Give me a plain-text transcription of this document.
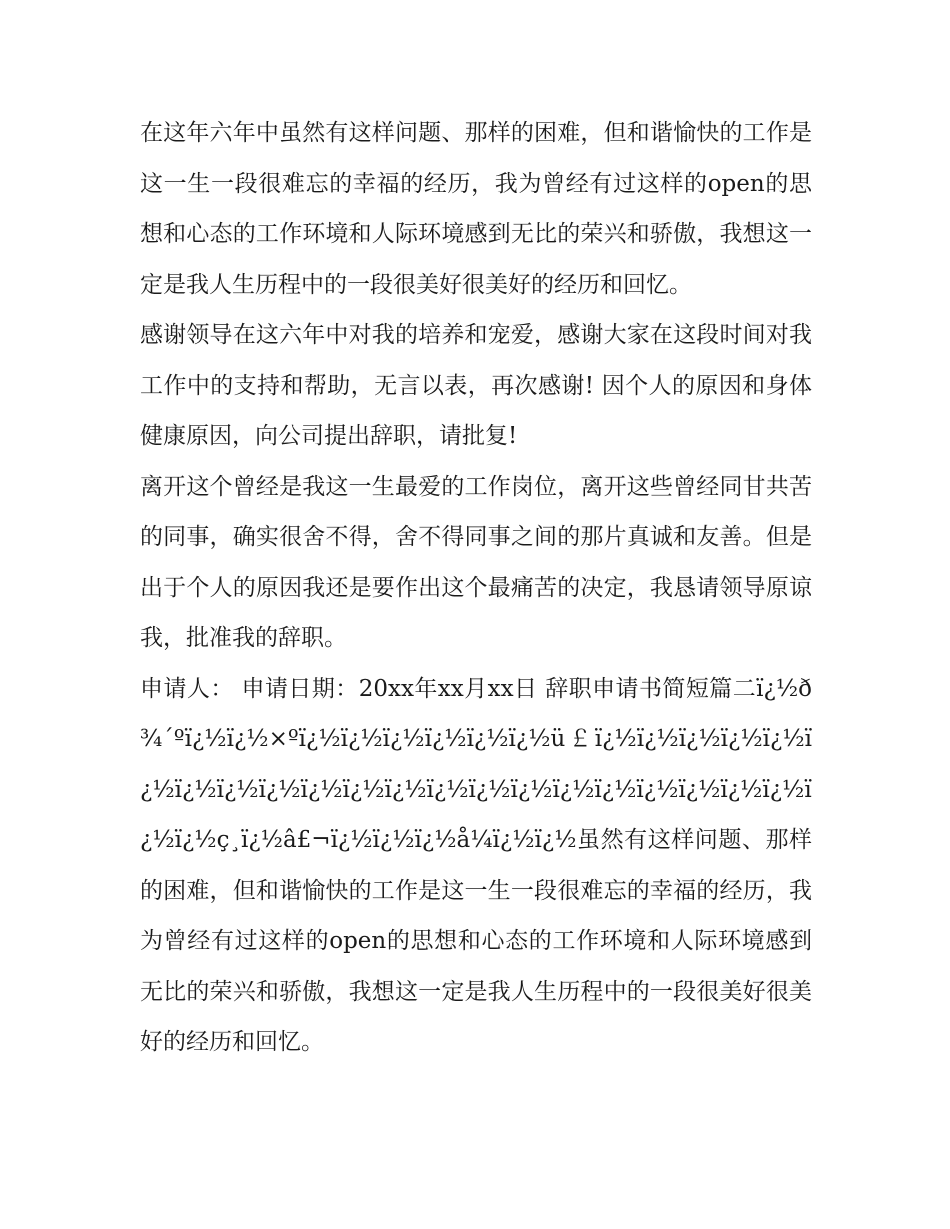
在这年六年中虽然有这样问题、那样的困难，但和谐愉快的工作是这一生一段很难忘的幸福的经历，我为曾经有过这样的open的思想和心态的工作环境和人际环境感到无比的荣兴和骄傲，我想这一定是我人生历程中的一段很美好很美好的经历和回忆。

感谢领导在这六年中对我的培养和宠爱，感谢大家在这段时间对我工作中的支持和帮助，无言以表，再次感谢! 因个人的原因和身体健康原因，向公司提出辞职，请批复!

离开这个曾经是我这一生最爱的工作岗位，离开这些曾经同甘共苦的同事，确实很舍不得，舍不得同事之间的那片真诚和友善。但是出于个人的原因我还是要作出这个最痛苦的决定，我恳请领导原谅我，批准我的辞职。

申请人： 申请日期：20xx年xx月xx日 辞职申请书简短篇二ï¿½ð¾´ºï¿½ï¿½×ºï¿½ï¿½ï¿½ï¿½ï¿½ï¿½ü￡ï¿½ï¿½ï¿½ï¿½ï¿½ï¿½ï¿½ï¿½ï¿½ï¿½ï¿½ï¿½ï¿½ï¿½ï¿½ï¿½ï¿½ï¿½ï¿½ï¿½ï¿½ï¿½ï¿½ç¸ï¿½â£¬ï¿½ï¿½ï¿½å¼ï¿½ï¿½虽然有这样问题、那样的困难，但和谐愉快的工作是这一生一段很难忘的幸福的经历，我为曾经有过这样的open的思想和心态的工作环境和人际环境感到无比的荣兴和骄傲，我想这一定是我人生历程中的一段很美好很美好的经历和回忆。
